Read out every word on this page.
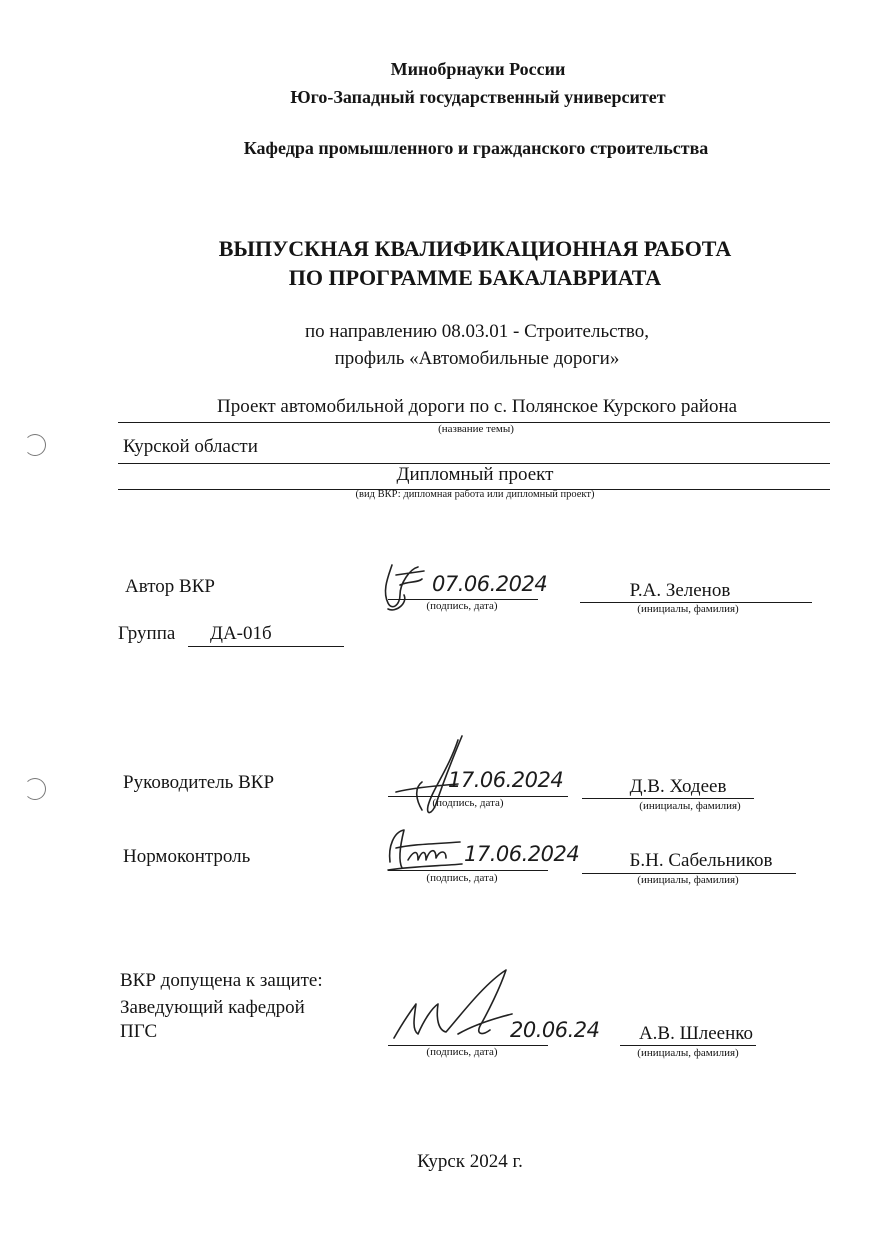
Минобрнауки России
Юго-Западный государственный университет
Кафедра промышленного и гражданского строительства
ВЫПУСКНАЯ КВАЛИФИКАЦИОННАЯ РАБОТА
ПО ПРОГРАММЕ БАКАЛАВРИАТА
по направлению 08.03.01 - Строительство,
профиль «Автомобильные дороги»
Проект автомобильной дороги по с. Полянское Курского района
(название темы)
Курской области
Дипломный проект
(вид ВКР: дипломная работа или дипломный проект)
Автор ВКР	07.06.2024
(подпись, дата)
Р.А. Зеленов
(инициалы, фамилия)
Группа ДА-01б
Руководитель ВКР	17.06.2024
(подпись, дата)
Д.В. Ходеев
(инициалы, фамилия)
Нормоконтроль	17.06.2024
(подпись, дата)
Б.Н. Сабельников
(инициалы, фамилия)
ВКР допущена к защите:
Заведующий кафедрой
ПГС	20.06.24
(подпись, дата)
А.В. Шлеенко
(инициалы, фамилия)
Курск 2024 г.
